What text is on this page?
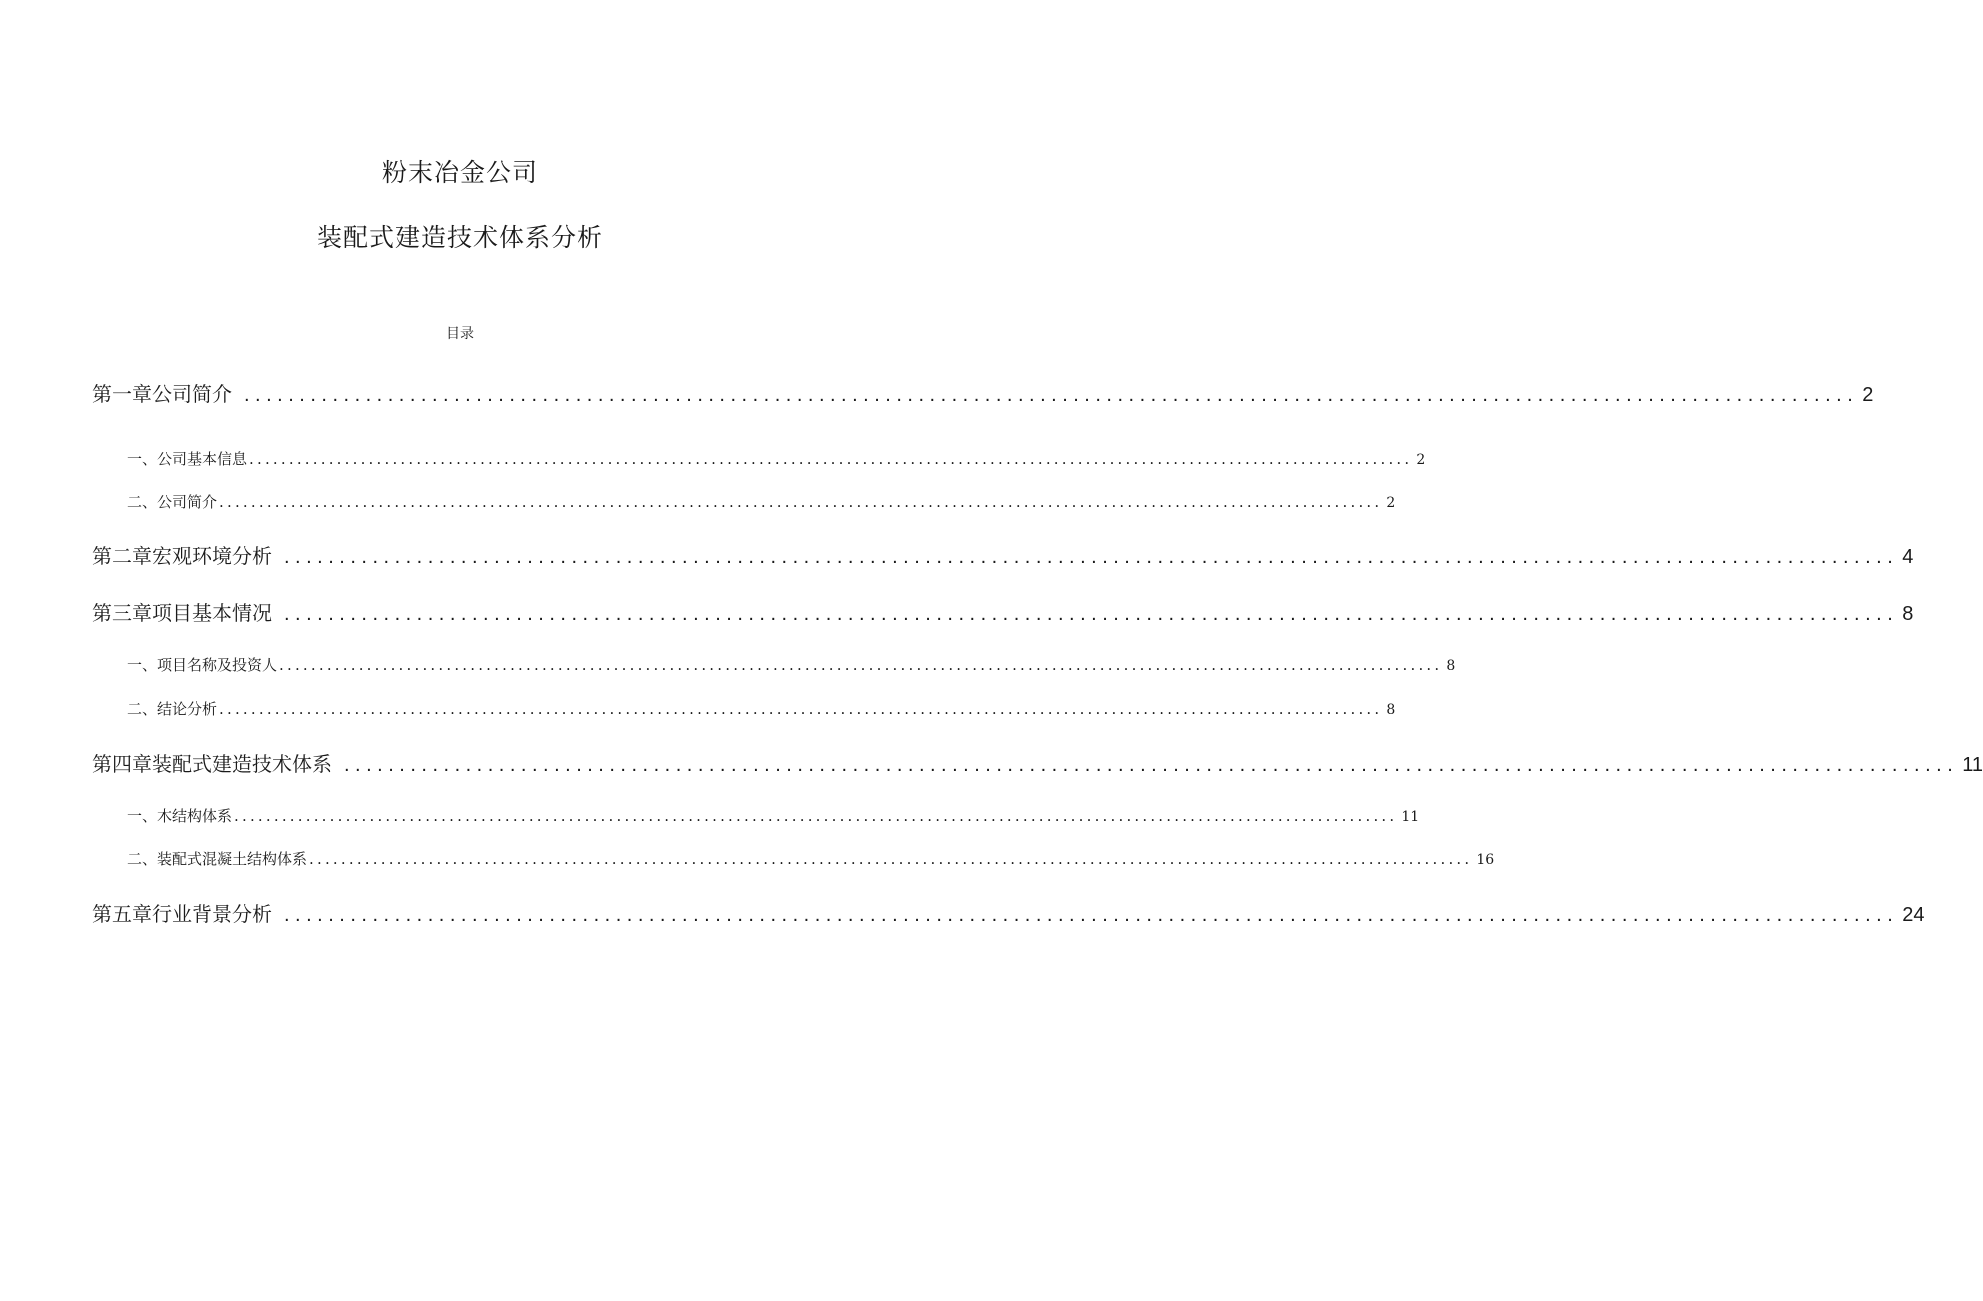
粉末冶金公司
装配式建造技术体系分析
目录
第一章公司简介 .................................................................................................................................................. 2
一、公司基本信息 .................................................................................................................................................. 2
二、公司简介 .................................................................................................................................................. 2
第二章宏观环境分析 .................................................................................................................................................. 4
第三章项目基本情况 .................................................................................................................................................. 8
一、项目名称及投资人 .................................................................................................................................................. 8
二、结论分析 .................................................................................................................................................. 8
第四章装配式建造技术体系 .................................................................................................................................................. 11
一、木结构体系 .................................................................................................................................................. 11
二、装配式混凝土结构体系 .................................................................................................................................................. 16
第五章行业背景分析 .................................................................................................................................................. 24
